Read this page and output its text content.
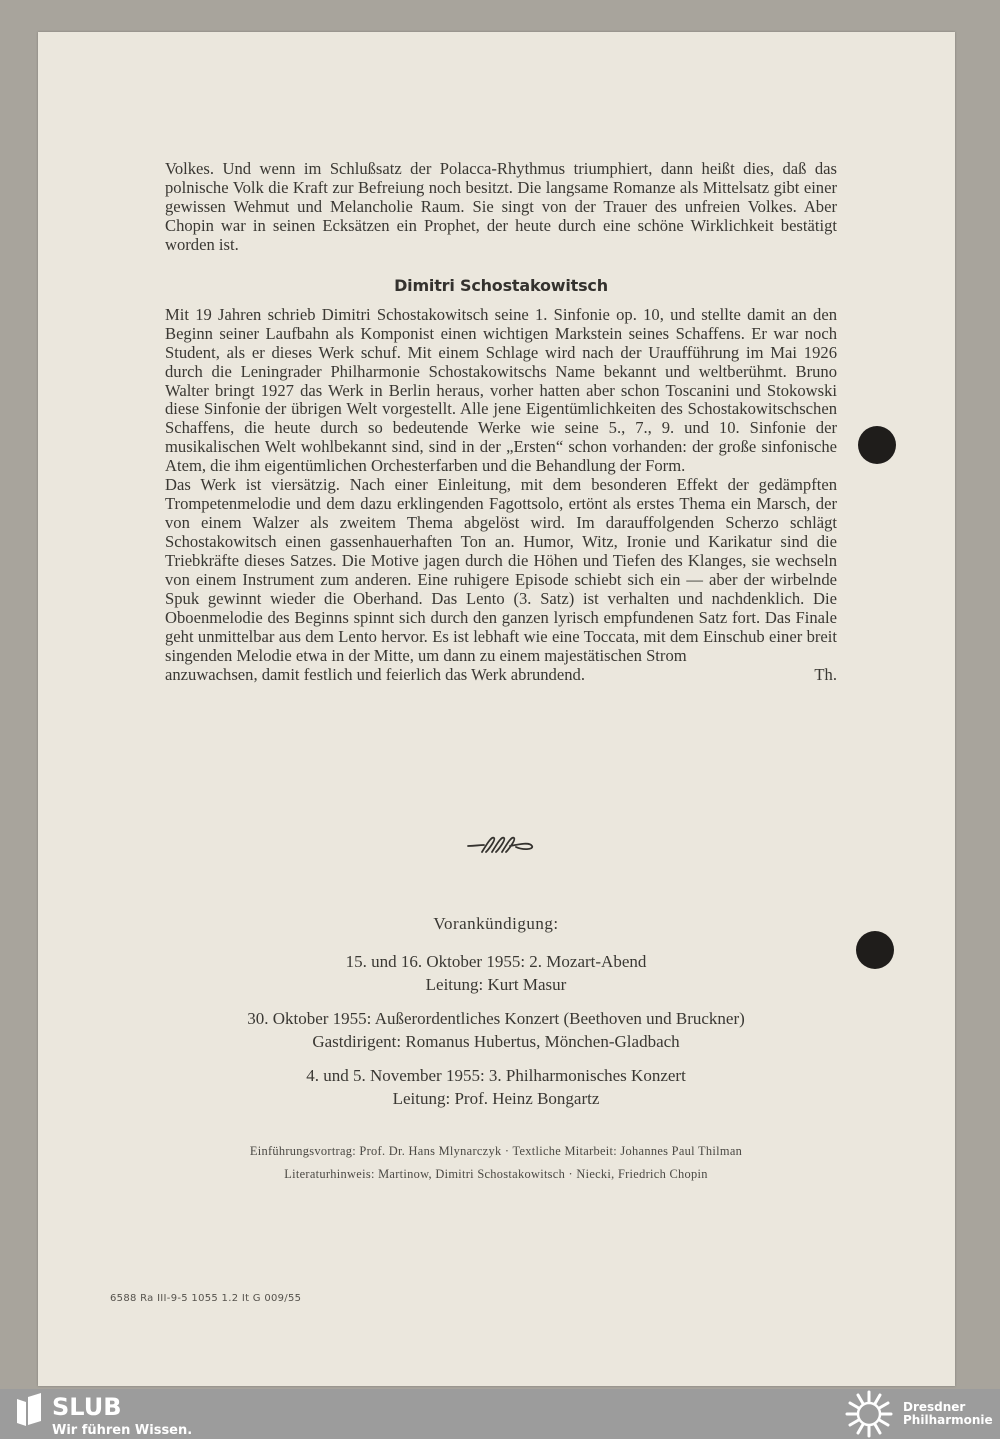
Volkes. Und wenn im Schlußsatz der Polacca-Rhythmus triumphiert, dann heißt dies, daß das polnische Volk die Kraft zur Befreiung noch besitzt. Die langsame Romanze als Mittelsatz gibt einer gewissen Wehmut und Melancholie Raum. Sie singt von der Trauer des unfreien Volkes. Aber Chopin war in seinen Ecksätzen ein Prophet, der heute durch eine schöne Wirklichkeit bestätigt worden ist.

Dimitri Schostakowitsch

Mit 19 Jahren schrieb Dimitri Schostakowitsch seine 1. Sinfonie op. 10, und stellte damit an den Beginn seiner Laufbahn als Komponist einen wichtigen Markstein seines Schaffens. Er war noch Student, als er dieses Werk schuf. Mit einem Schlage wird nach der Uraufführung im Mai 1926 durch die Leningrader Philharmonie Schostakowitschs Name bekannt und weltberühmt. Bruno Walter bringt 1927 das Werk in Berlin heraus, vorher hatten aber schon Toscanini und Stokowski diese Sinfonie der übrigen Welt vorgestellt. Alle jene Eigentümlichkeiten des Schostakowitschschen Schaffens, die heute durch so bedeutende Werke wie seine 5., 7., 9. und 10. Sinfonie der musikalischen Welt wohlbekannt sind, sind in der „Ersten“ schon vorhanden: der große sinfonische Atem, die ihm eigentümlichen Orchesterfarben und die Behandlung der Form.

Das Werk ist viersätzig. Nach einer Einleitung, mit dem besonderen Effekt der gedämpften Trompetenmelodie und dem dazu erklingenden Fagottsolo, ertönt als erstes Thema ein Marsch, der von einem Walzer als zweitem Thema abgelöst wird. Im darauffolgenden Scherzo schlägt Schostakowitsch einen gassenhauerhaften Ton an. Humor, Witz, Ironie und Karikatur sind die Triebkräfte dieses Satzes. Die Motive jagen durch die Höhen und Tiefen des Klanges, sie wechseln von einem Instrument zum anderen. Eine ruhigere Episode schiebt sich ein — aber der wirbelnde Spuk gewinnt wieder die Oberhand. Das Lento (3. Satz) ist verhalten und nachdenklich. Die Oboenmelodie des Beginns spinnt sich durch den ganzen lyrisch empfundenen Satz fort. Das Finale geht unmittelbar aus dem Lento hervor. Es ist lebhaft wie eine Toccata, mit dem Einschub einer breit singenden Melodie etwa in der Mitte, um dann zu einem majestätischen Strom

anzuwachsen, damit festlich und feierlich das Werk abrundend.	Th.
Vorankündigung:
15. und 16. Oktober 1955: 2. Mozart-Abend
Leitung: Kurt Masur
30. Oktober 1955: Außerordentliches Konzert (Beethoven und Bruckner)
Gastdirigent: Romanus Hubertus, Mönchen-Gladbach
4. und 5. November 1955: 3. Philharmonisches Konzert
Leitung: Prof. Heinz Bongartz
Einführungsvortrag: Prof. Dr. Hans Mlynarczyk · Textliche Mitarbeit: Johannes Paul Thilman
Literaturhinweis: Martinow, Dimitri Schostakowitsch · Niecki, Friedrich Chopin
6588 Ra III-9-5 1055 1.2 It G 009/55
SLUB
Wir führen Wissen.
Dresdner
Philharmonie
